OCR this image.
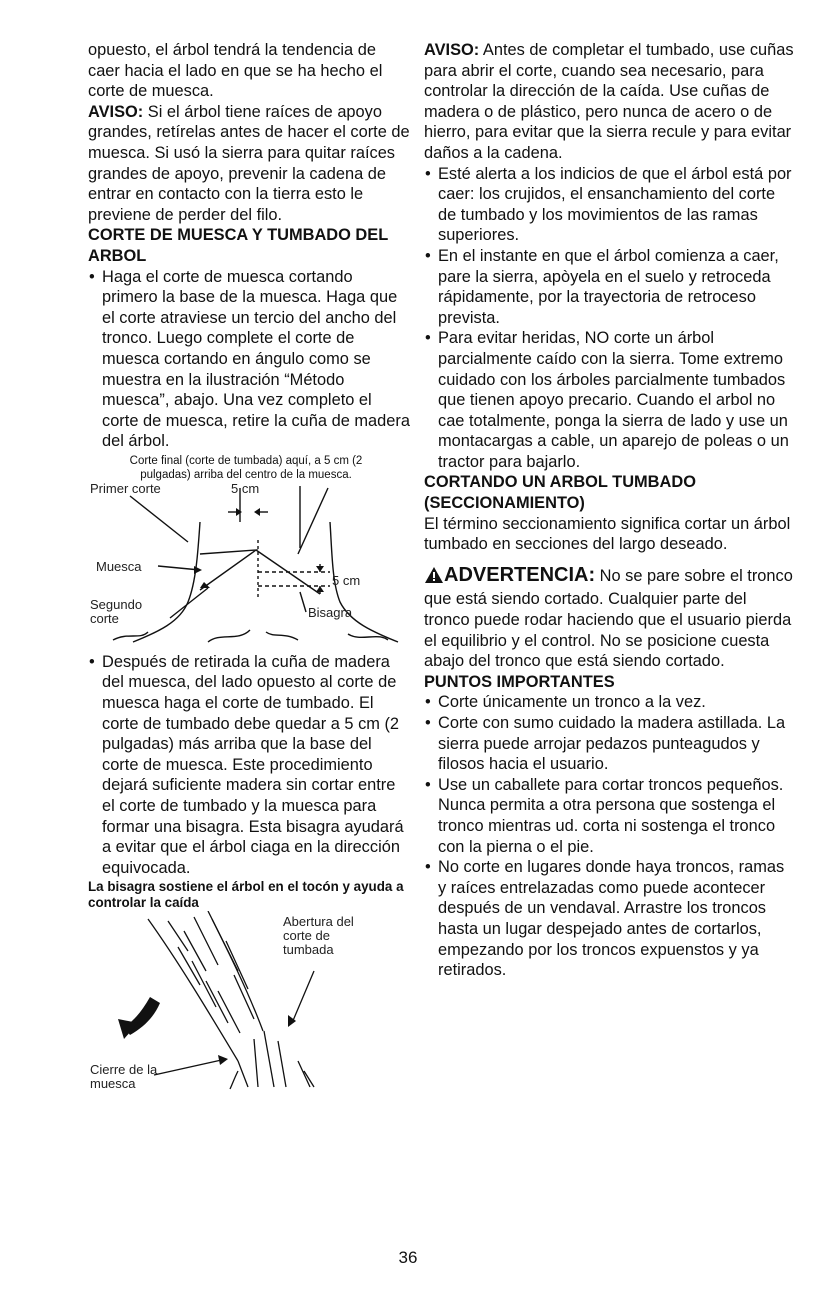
opuesto, el árbol tendrá la tendencia de caer hacia el lado en que se ha hecho el corte de muesca.

AVISO: Si el árbol tiene raíces de apoyo grandes, retírelas antes de hacer el corte de muesca. Si usó la sierra para quitar raíces grandes de apoyo, prevenir la cadena de entrar en contacto con la tierra esto le previene de perder del filo.

CORTE DE MUESCA Y TUMBADO DEL ARBOL
• Haga el corte de muesca cortando primero la base de la muesca. Haga que el corte atraviese un tercio del ancho del tronco. Luego complete el corte de muesca cortando en ángulo como se muestra en la ilustración “Método muesca”, abajo. Una vez completo el corte de muesca, retire la cuña de madera del árbol.
Corte final (corte de tumbada) aquí, a 5 cm (2 pulgadas) arriba del centro de la muesca.
Primer corte	5 cm
5 cm
Muesca
Segundo corte	Bisagra
• Después de retirada la cuña de madera del muesca, del lado opuesto al corte de muesca haga el corte de tumbado. El corte de tumbado debe quedar a 5 cm (2 pulgadas) más arriba que la base del corte de muesca. Este procedimiento dejará suficiente madera sin cortar entre el corte de tumbado y la muesca para formar una bisagra. Esta bisagra ayudará a evitar que el árbol ciaga en la dirección equivocada.
La bisagra sostiene el árbol en el tocón y ayuda a controlar la caída
Abertura del corte de tumbada
Cierre de la muesca

AVISO: Antes de completar el tumbado, use cuñas para abrir el corte, cuando sea necesario, para controlar la dirección de la caída. Use cuñas de madera o de plástico, pero nunca de acero o de hierro, para evitar que la sierra recule y para evitar daños a la cadena.

• Esté alerta a los indicios de que el árbol está por caer: los crujidos, el ensanchamiento del corte de tumbado y los movimientos de las ramas superiores.
• En el instante en que el árbol comienza a caer, pare la sierra, apòyela en el suelo y retroceda rápidamente, por la trayectoria de retroceso prevista.
• Para evitar heridas, NO corte un árbol parcialmente caído con la sierra. Tome extremo cuidado con los árboles parcialmente tumbados que tienen apoyo precario. Cuando el arbol no cae totalmente, ponga la sierra de lado y use un montacargas a cable, un aparejo de poleas o un tractor para bajarlo.
CORTANDO UN ARBOL TUMBADO (SECCIONAMIENTO)

El término seccionamiento significa cortar un árbol tumbado en secciones del largo deseado.

ADVERTENCIA: No se pare sobre el tronco que está siendo cortado. Cualquier parte del tronco puede rodar haciendo que el usuario pierda el equilibrio y el control. No se posicione cuesta abajo del tronco que está siendo cortado.

PUNTOS IMPORTANTES
• Corte únicamente un tronco a la vez.
• Corte con sumo cuidado la madera astillada. La sierra puede arrojar pedazos punteagudos y filosos hacia el usuario.
• Use un caballete para cortar troncos pequeños. Nunca permita a otra persona que sostenga el tronco mientras ud. corta ni sostenga el tronco con la pierna o el pie.
• No corte en lugares donde haya troncos, ramas y raíces entrelazadas como puede acontecer después de un vendaval. Arrastre los troncos hasta un lugar despejado antes de cortarlos, empezando por los troncos expuenstos y ya retirados.
36
